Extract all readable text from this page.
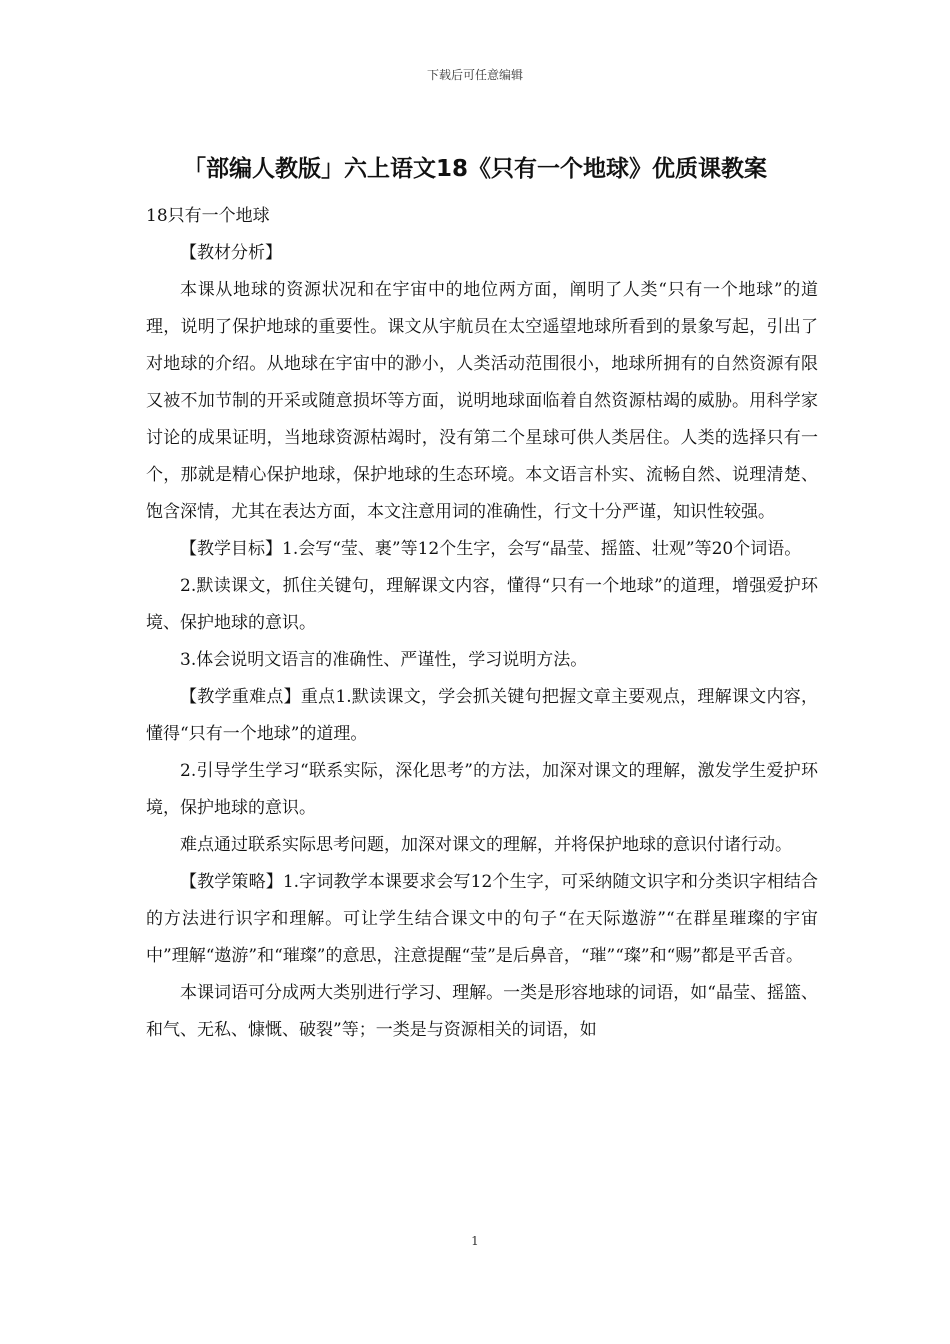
下载后可任意编辑
「部编人教版」六上语文18《只有一个地球》优质课教案

18只有一个地球

【教材分析】

本课从地球的资源状况和在宇宙中的地位两方面，阐明了人类“只有一个地球”的道理，说明了保护地球的重要性。课文从宇航员在太空遥望地球所看到的景象写起，引出了对地球的介绍。从地球在宇宙中的渺小，人类活动范围很小，地球所拥有的自然资源有限又被不加节制的开采或随意损坏等方面，说明地球面临着自然资源枯竭的威胁。用科学家讨论的成果证明，当地球资源枯竭时，没有第二个星球可供人类居住。人类的选择只有一个，那就是精心保护地球，保护地球的生态环境。本文语言朴实、流畅自然、说理清楚、饱含深情，尤其在表达方面，本文注意用词的准确性，行文十分严谨，知识性较强。

【教学目标】1.会写“莹、裹”等12个生字，会写“晶莹、摇篮、壮观”等20个词语。

2.默读课文，抓住关键句，理解课文内容，懂得“只有一个地球”的道理，增强爱护环境、保护地球的意识。

3.体会说明文语言的准确性、严谨性，学习说明方法。

【教学重难点】重点1.默读课文，学会抓关键句把握文章主要观点，理解课文内容，懂得“只有一个地球”的道理。

2.引导学生学习“联系实际，深化思考”的方法，加深对课文的理解，激发学生爱护环境，保护地球的意识。

难点通过联系实际思考问题，加深对课文的理解，并将保护地球的意识付诸行动。

【教学策略】1.字词教学本课要求会写12个生字，可采纳随文识字和分类识字相结合的方法进行识字和理解。可让学生结合课文中的句子“在天际遨游”“在群星璀璨的宇宙中”理解“遨游”和“璀璨”的意思，注意提醒“莹”是后鼻音，“璀”“璨”和“赐”都是平舌音。

本课词语可分成两大类别进行学习、理解。一类是形容地球的词语，如“晶莹、摇篮、和气、无私、慷慨、破裂”等；一类是与资源相关的词语，如

1
